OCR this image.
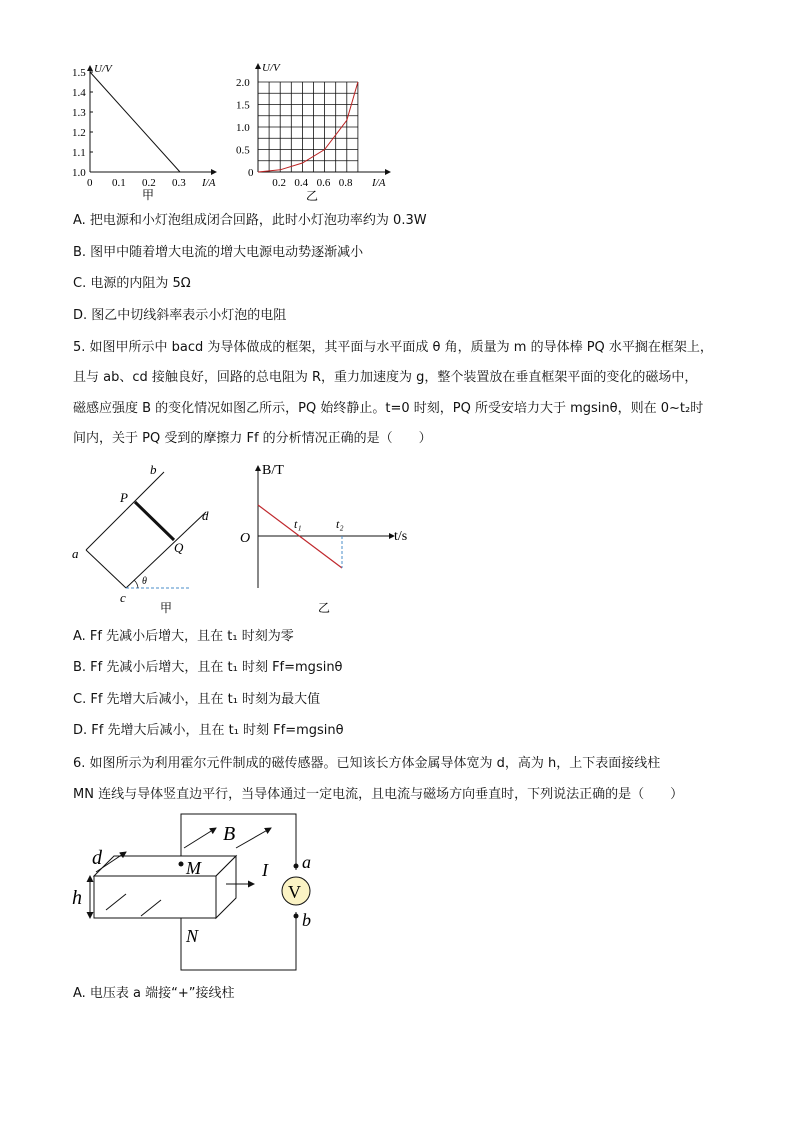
U/V
I/A
1.5
1.4
1.3
1.2
1.1
1.0
0 0.1 0.2 0.3
甲
U/V
I/A
2.0
1.5
1.0
0.5
0
0.2 0.4 0.6 0.8
乙
A. 把电源和小灯泡组成闭合回路，此时小灯泡功率约为 0.3W
B. 图甲中随着增大电流的增大电源电动势逐渐减小
C. 电源的内阻为 5Ω
D. 图乙中切线斜率表示小灯泡的电阻
5. 如图甲所示中 bacd 为导体做成的框架，其平面与水平面成 θ 角，质量为 m 的导体棒 PQ 水平搁在框架上，
且与 ab、cd 接触良好，回路的总电阻为 R，重力加速度为 g，整个装置放在垂直框架平面的变化的磁场中，
磁感应强度 B 的变化情况如图乙所示，PQ 始终静止。t=0 时刻，PQ 所受安培力大于 mgsinθ，则在 0~t₂时
间内，关于 PQ 受到的摩擦力 Ff 的分析情况正确的是（　　）
b
d
P
Q
a
c
θ
甲
B/T
t/s
O
t₁	t₂
乙
A. Ff 先减小后增大，且在 t₁ 时刻为零
B. Ff 先减小后增大，且在 t₁ 时刻 Ff=mgsinθ
C. Ff 先增大后减小，且在 t₁ 时刻为最大值
D. Ff 先增大后减小，且在 t₁ 时刻 Ff=mgsinθ
6. 如图所示为利用霍尔元件制成的磁传感器。已知该长方体金属导体宽为 d，高为 h，上下表面接线柱
MN 连线与导体竖直边平行，当导体通过一定电流，且电流与磁场方向垂直时，下列说法正确的是（　　）
d
h
B
M
N
I
V
a
b
A. 电压表 a 端接“+”接线柱
